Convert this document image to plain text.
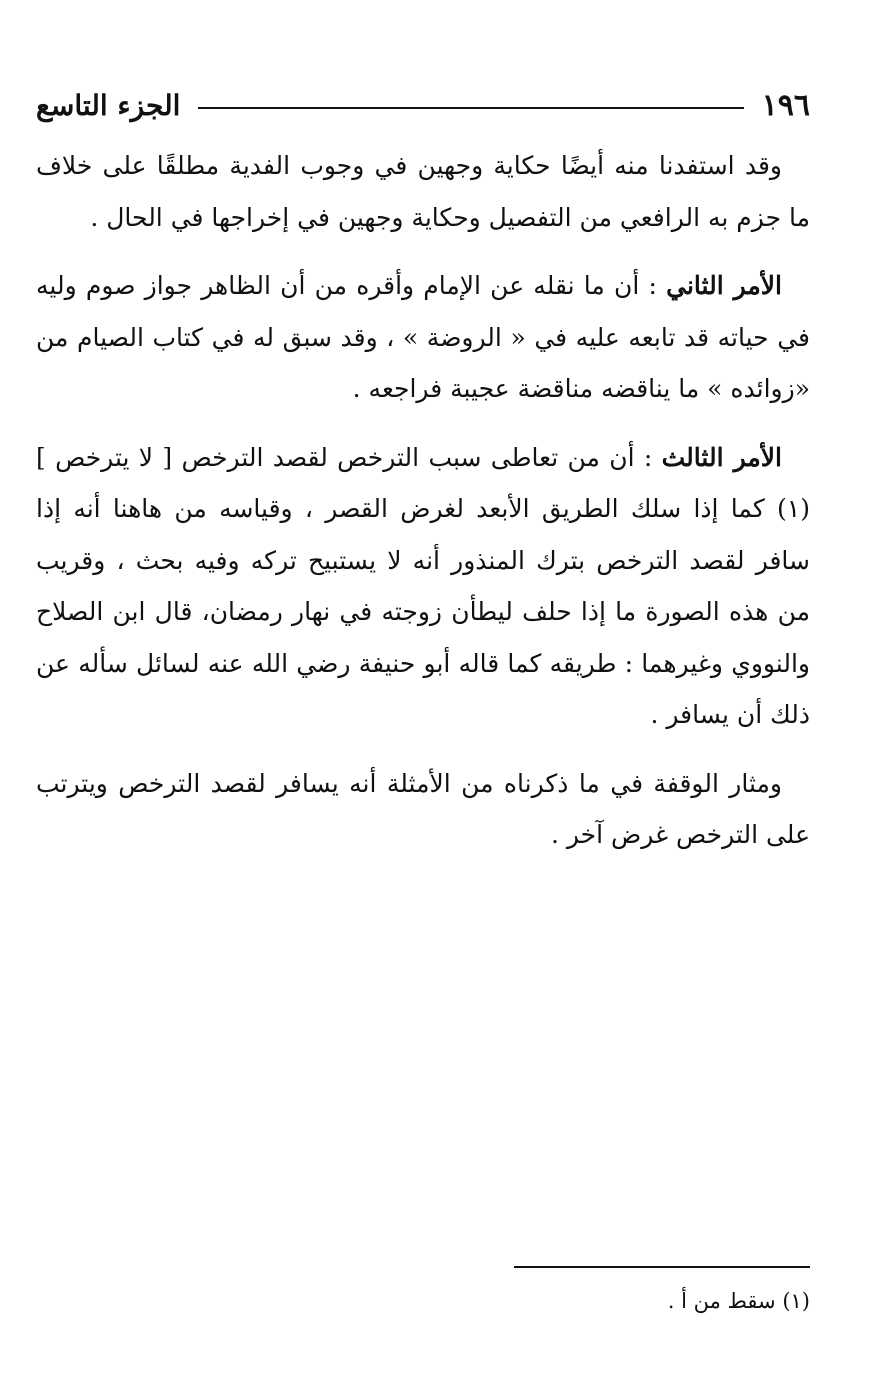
١٩٦
الجزء التاسع

وقد استفدنا منه أيضًا حكاية وجهين في وجوب الفدية مطلقًا على خلاف ما جزم به الرافعي من التفصيل وحكاية وجهين في إخراجها في الحال .

الأمر الثاني : أن ما نقله عن الإمام وأقره من أن الظاهر جواز صوم وليه في حياته قد تابعه عليه في « الروضة » ، وقد سبق له في كتاب الصيام من «زوائده » ما يناقضه مناقضة عجيبة فراجعه .

الأمر الثالث : أن من تعاطى سبب الترخص لقصد الترخص [ لا يترخص ] (١) كما إذا سلك الطريق الأبعد لغرض القصر ، وقياسه من هاهنا أنه إذا سافر لقصد الترخص بترك المنذور أنه لا يستبيح تركه وفيه بحث ، وقريب من هذه الصورة ما إذا حلف ليطأن زوجته في نهار رمضان، قال ابن الصلاح والنووي وغيرهما : طريقه كما قاله أبو حنيفة رضي الله عنه لسائل سأله عن ذلك أن يسافر .

ومثار الوقفة في ما ذكرناه من الأمثلة أنه يسافر لقصد الترخص ويترتب على الترخص غرض آخر .

(١) سقط من أ .
